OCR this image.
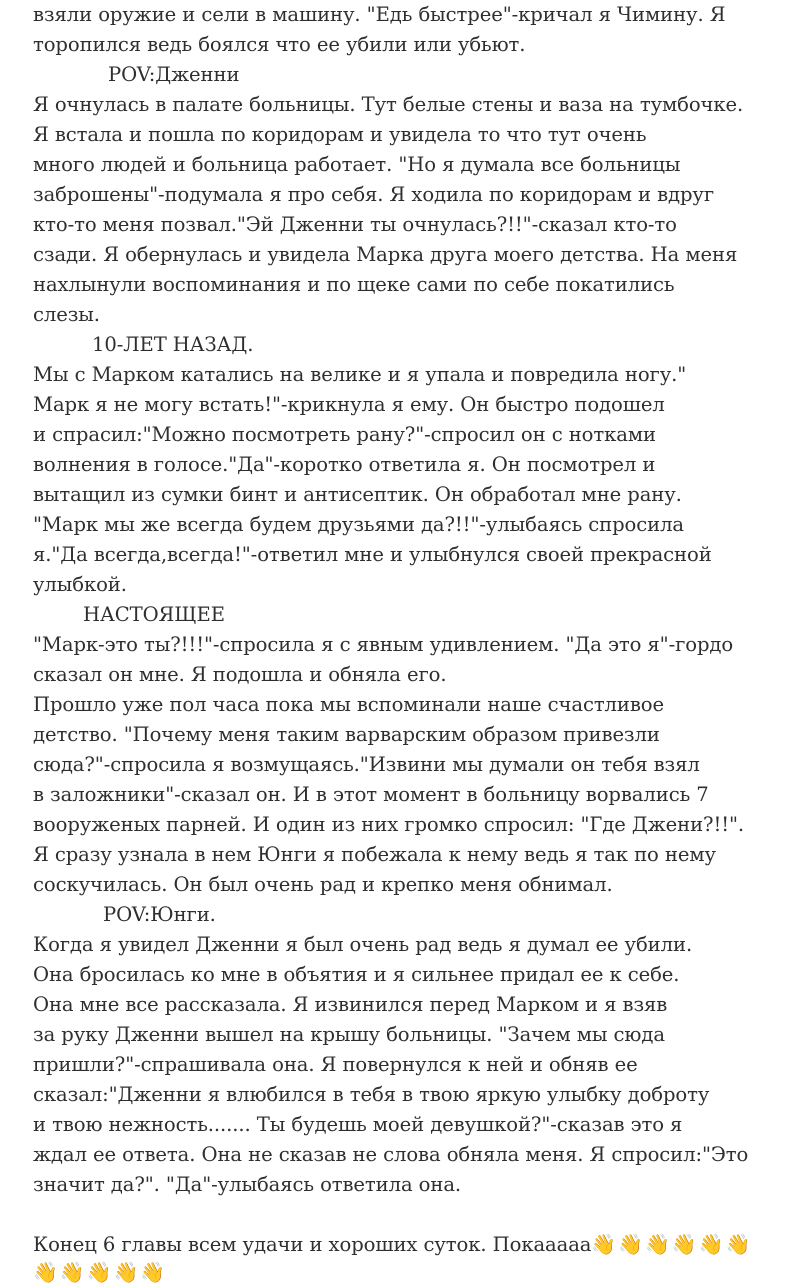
взяли оружие и сели в машину. "Едь быстрее"-кричал я Чимину. Я
торопился ведь боялся что ее убили или убьют.
POV:Дженни
Я очнулась в палате больницы. Тут белые стены и ваза на тумбочке.
Я встала и пошла по коридорам и увидела то что тут очень
много людей и больница работает. "Но я думала все больницы
заброшены"-подумала я про себя. Я ходила по коридорам и вдруг
кто-то меня позвал."Эй Дженни ты очнулась?!!"-сказал кто-то
сзади. Я обернулась и увидела Марка друга моего детства. На меня
нахлынули воспоминания и по щеке сами по себе покатились
слезы.
10-ЛЕТ НАЗАД.
Мы с Марком катались на велике и я упала и повредила ногу."
Марк я не могу встать!"-крикнула я ему. Он быстро подошел
и спрасил:"Можно посмотреть рану?"-спросил он с нотками
волнения в голосе."Да"-коротко ответила я. Он посмотрел и
вытащил из сумки бинт и антисептик. Он обработал мне рану.
"Марк мы же всегда будем друзьями да?!!"-улыбаясь спросила
я."Да всегда,всегда!"-ответил мне и улыбнулся своей прекрасной
улыбкой.
НАСТОЯЩЕЕ
"Марк-это ты?!!!"-спросила я с явным удивлением. "Да это я"-гордо
сказал он мне. Я подошла и обняла его.
Прошло уже пол часа пока мы вспоминали наше счастливое
детство. "Почему меня таким варварским образом привезли
сюда?"-спросила я возмущаясь."Извини мы думали он тебя взял
в заложники"-сказал он. И в этот момент в больницу ворвались 7
вооруженых парней. И один из них громко спросил: "Где Джени?!!".
Я сразу узнала в нем Юнги я побежала к нему ведь я так по нему
соскучилась. Он был очень рад и крепко меня обнимал.
POV:Юнги.
Когда я увидел Дженни я был очень рад ведь я думал ее убили.
Она бросилась ко мне в объятия и я сильнее придал ее к себе.
Она мне все рассказала. Я извинился перед Марком и я взяв
за руку Дженни вышел на крышу больницы. "Зачем мы сюда
пришли?"-спрашивала она. Я повернулся к ней и обняв ее
сказал:"Дженни я влюбился в тебя в твою яркую улыбку доброту
и твою нежность....... Ты будешь моей девушкой?"-сказав это я
ждал ее ответа. Она не сказав не слова обняла меня. Я спросил:"Это
значит да?". "Да"-улыбаясь ответила она.
Конец 6 главы всем удачи и хороших суток. Покааааа👋 👋 👋 👋 👋 👋
👋 👋 👋 👋 👋
